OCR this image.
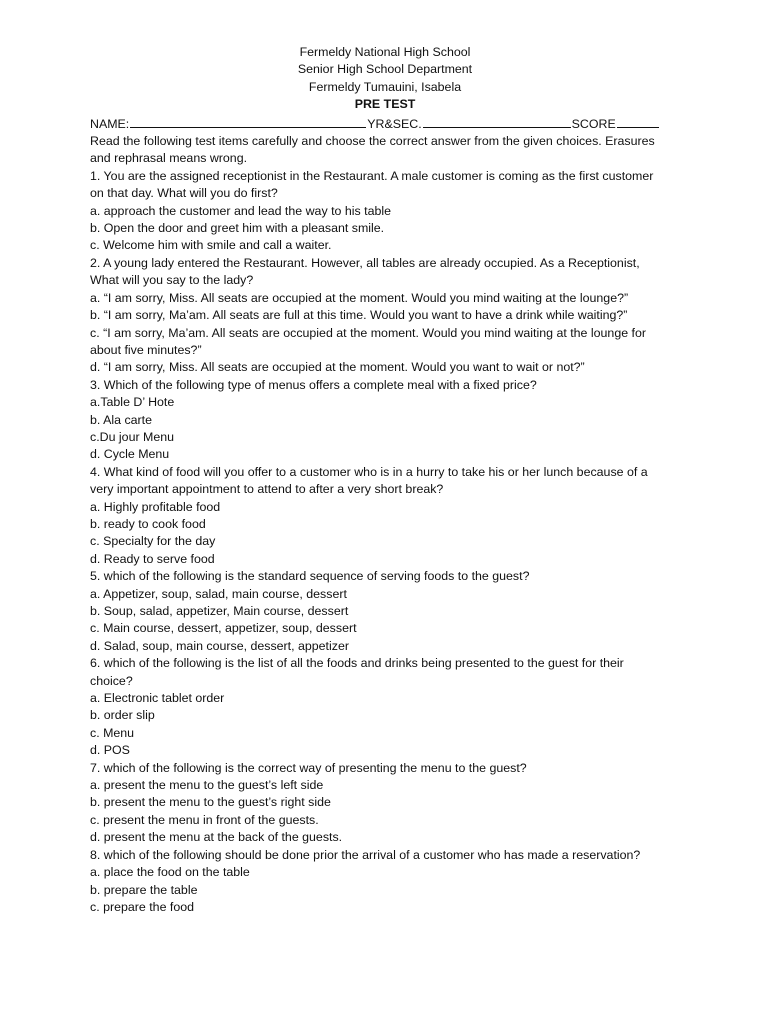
Fermeldy National High School
Senior High School Department
Fermeldy Tumauini, Isabela
PRE TEST
NAME:	YR&SEC.	SCORE
Read the following test items carefully and choose the correct answer from the given choices. Erasures
and rephrasal means wrong.
1. You are the assigned receptionist in the Restaurant. A male customer is coming as the first customer
on that day. What will you do first?
a. approach the customer and lead the way to his table
b. Open the door and greet him with a pleasant smile.
c. Welcome him with smile and call a waiter.
2. A young lady entered the Restaurant. However, all tables are already occupied. As a Receptionist,
What will you say to the lady?
a. “I am sorry, Miss. All seats are occupied at the moment. Would you mind waiting at the lounge?”
b. “I am sorry, Ma’am. All seats are full at this time. Would you want to have a drink while waiting?”
c. “I am sorry, Ma’am. All seats are occupied at the moment. Would you mind waiting at the lounge for
about five minutes?”
d. “I am sorry, Miss. All seats are occupied at the moment. Would you want to wait or not?”
3. Which of the following type of menus offers a complete meal with a fixed price?
a.Table D’ Hote
b. Ala carte
c.Du jour Menu
d. Cycle Menu
4. What kind of food will you offer to a customer who is in a hurry to take his or her lunch because of a
very important appointment to attend to after a very short break?
a. Highly profitable food
b. ready to cook food
c. Specialty for the day
d. Ready to serve food
5. which of the following is the standard sequence of serving foods to the guest?
a. Appetizer, soup, salad, main course, dessert
b. Soup, salad, appetizer, Main course, dessert
c. Main course, dessert, appetizer, soup, dessert
d. Salad, soup, main course, dessert, appetizer
6. which of the following is the list of all the foods and drinks being presented to the guest for their
choice?
a. Electronic tablet order
b. order slip
c. Menu
d. POS
7. which of the following is the correct way of presenting the menu to the guest?
a. present the menu to the guest’s left side
b. present the menu to the guest’s right side
c. present the menu in front of the guests.
d. present the menu at the back of the guests.
8. which of the following should be done prior the arrival of a customer who has made a reservation?
a. place the food on the table
b. prepare the table
c. prepare the food
